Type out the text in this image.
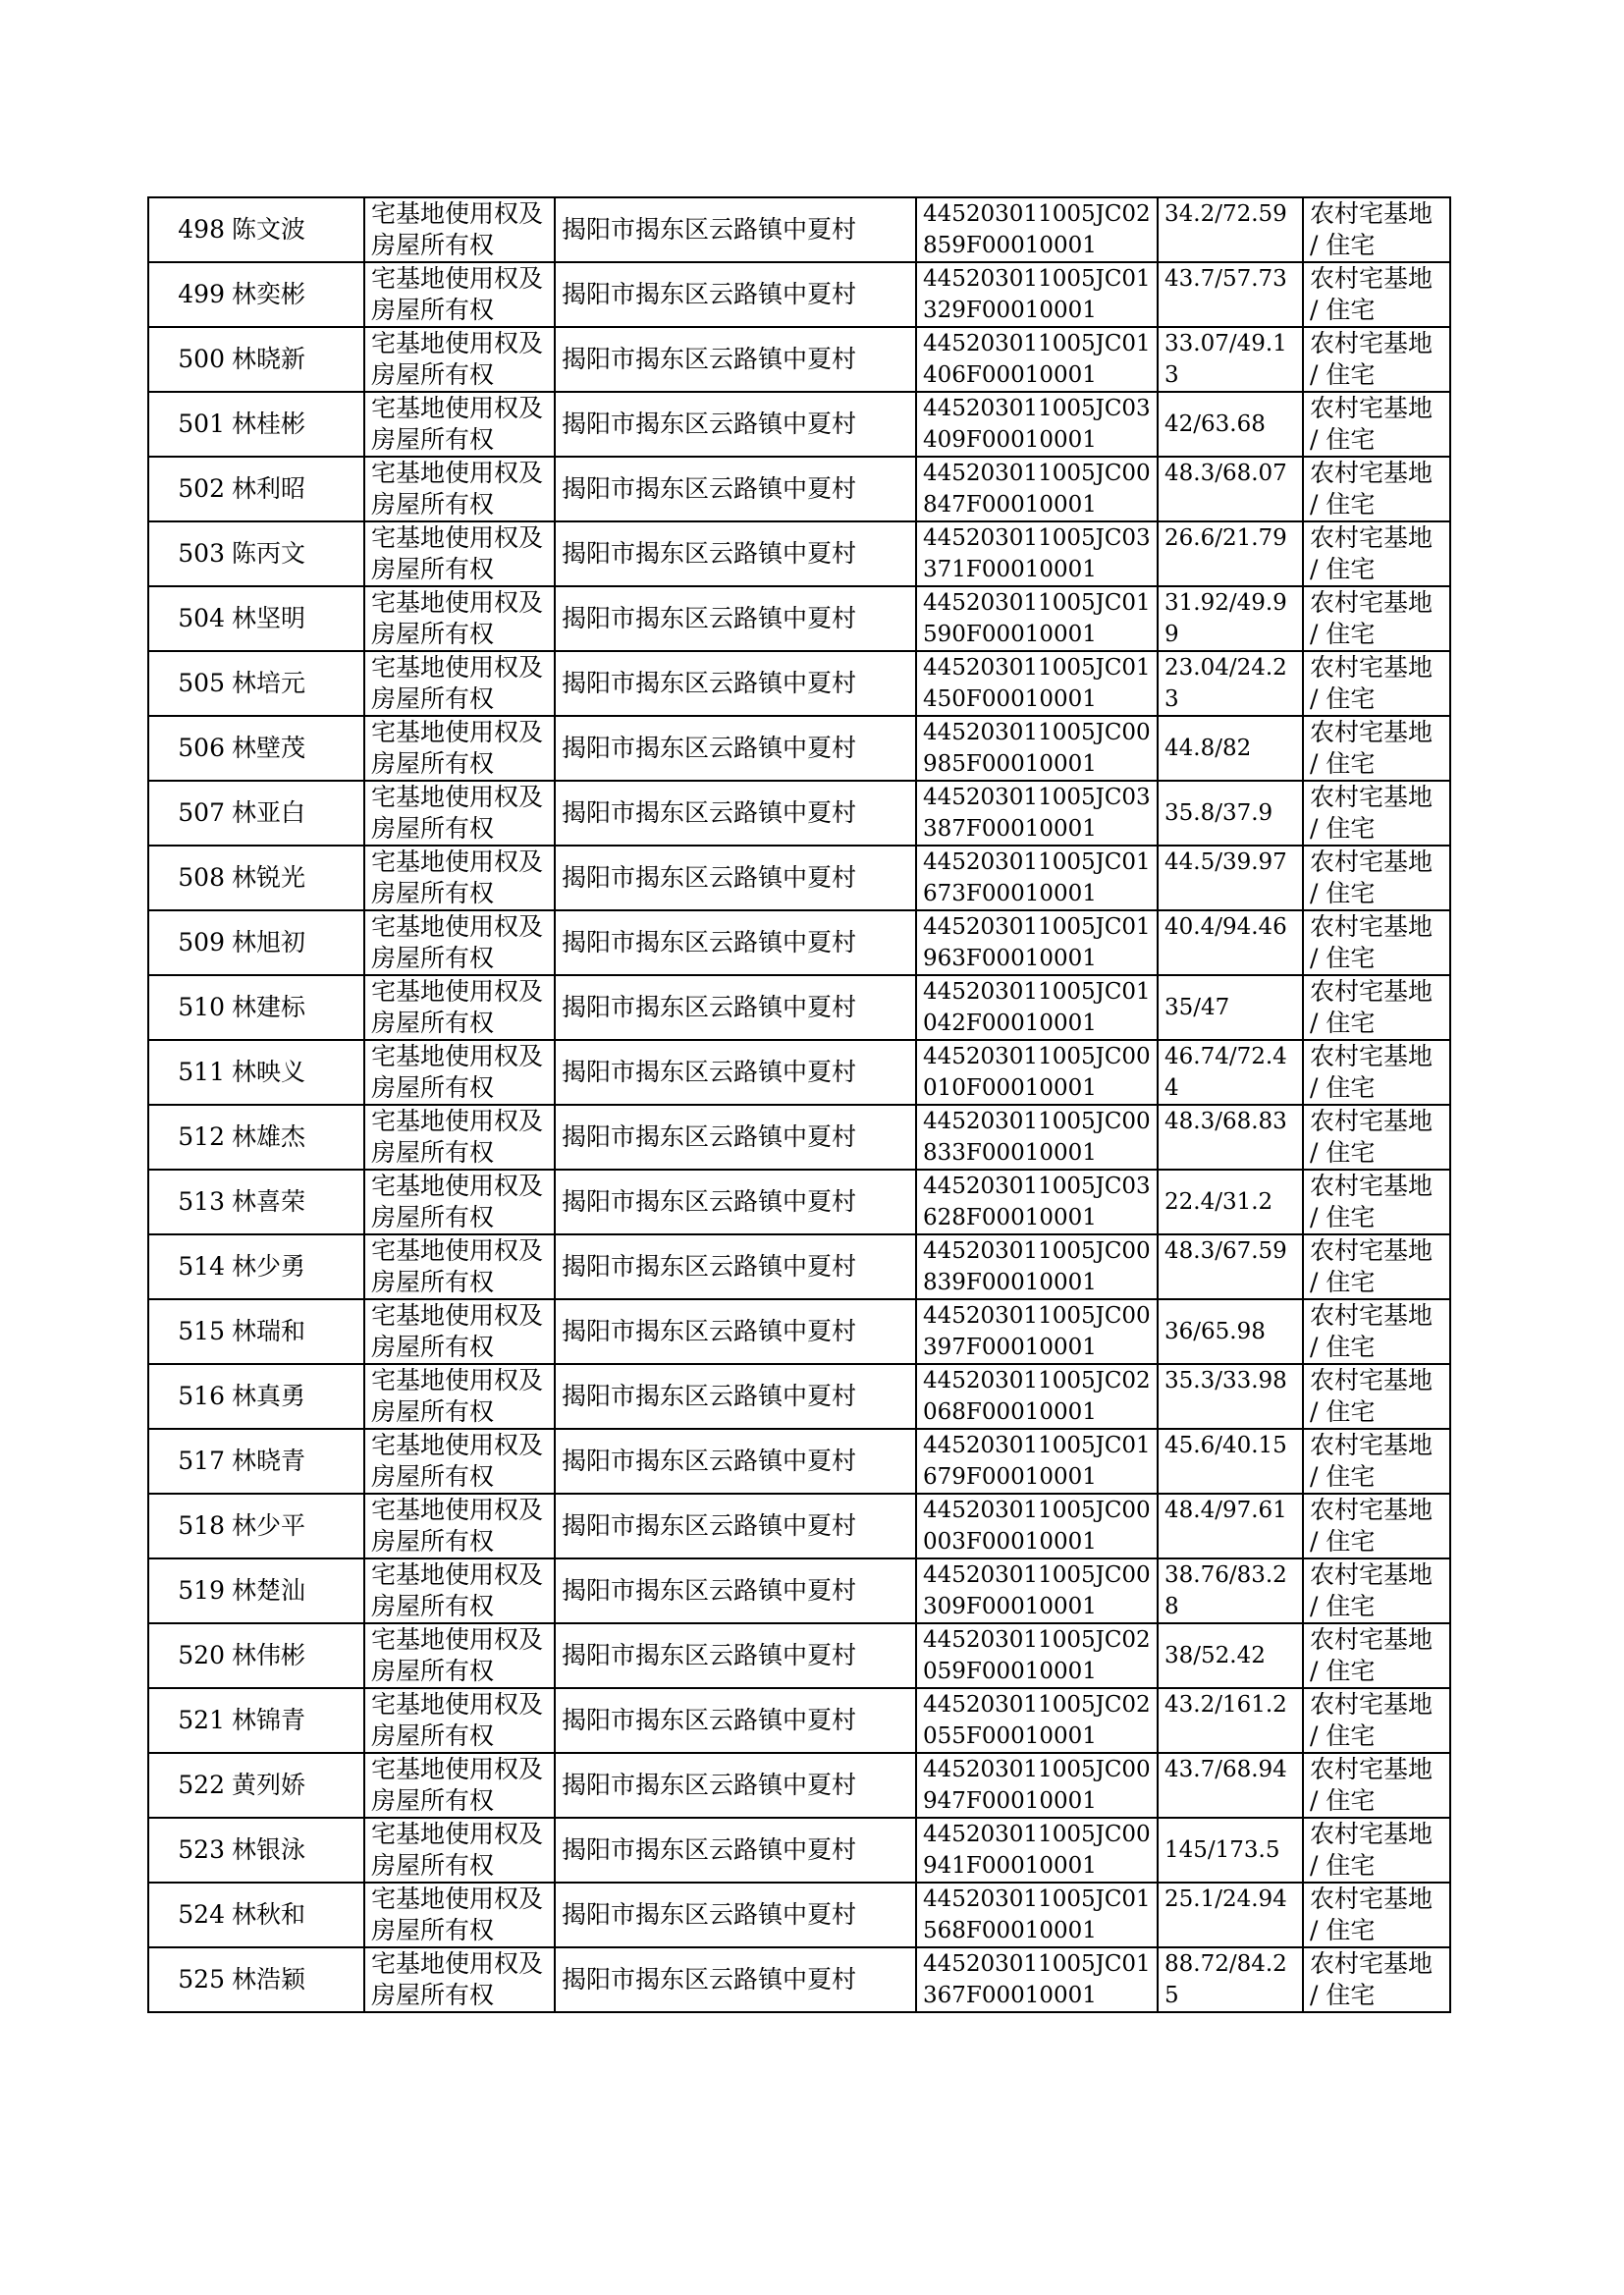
498	陈文波	宅基地使用权及房屋所有权	揭阳市揭东区云路镇中夏村	445203011005JC02859F00010001	34.2/72.59	农村宅基地 / 住宅
499	林奕彬	宅基地使用权及房屋所有权	揭阳市揭东区云路镇中夏村	445203011005JC01329F00010001	43.7/57.73	农村宅基地 / 住宅
500	林晓新	宅基地使用权及房屋所有权	揭阳市揭东区云路镇中夏村	445203011005JC01406F00010001	33.07/49.13	农村宅基地 / 住宅
501	林桂彬	宅基地使用权及房屋所有权	揭阳市揭东区云路镇中夏村	445203011005JC03409F00010001	42/63.68	农村宅基地 / 住宅
502	林利昭	宅基地使用权及房屋所有权	揭阳市揭东区云路镇中夏村	445203011005JC00847F00010001	48.3/68.07	农村宅基地 / 住宅
503	陈丙文	宅基地使用权及房屋所有权	揭阳市揭东区云路镇中夏村	445203011005JC03371F00010001	26.6/21.79	农村宅基地 / 住宅
504	林坚明	宅基地使用权及房屋所有权	揭阳市揭东区云路镇中夏村	445203011005JC01590F00010001	31.92/49.99	农村宅基地 / 住宅
505	林培元	宅基地使用权及房屋所有权	揭阳市揭东区云路镇中夏村	445203011005JC01450F00010001	23.04/24.23	农村宅基地 / 住宅
506	林壁茂	宅基地使用权及房屋所有权	揭阳市揭东区云路镇中夏村	445203011005JC00985F00010001	44.8/82	农村宅基地 / 住宅
507	林亚白	宅基地使用权及房屋所有权	揭阳市揭东区云路镇中夏村	445203011005JC03387F00010001	35.8/37.9	农村宅基地 / 住宅
508	林锐光	宅基地使用权及房屋所有权	揭阳市揭东区云路镇中夏村	445203011005JC01673F00010001	44.5/39.97	农村宅基地 / 住宅
509	林旭初	宅基地使用权及房屋所有权	揭阳市揭东区云路镇中夏村	445203011005JC01963F00010001	40.4/94.46	农村宅基地 / 住宅
510	林建标	宅基地使用权及房屋所有权	揭阳市揭东区云路镇中夏村	445203011005JC01042F00010001	35/47	农村宅基地 / 住宅
511	林映义	宅基地使用权及房屋所有权	揭阳市揭东区云路镇中夏村	445203011005JC00010F00010001	46.74/72.44	农村宅基地 / 住宅
512	林雄杰	宅基地使用权及房屋所有权	揭阳市揭东区云路镇中夏村	445203011005JC00833F00010001	48.3/68.83	农村宅基地 / 住宅
513	林喜荣	宅基地使用权及房屋所有权	揭阳市揭东区云路镇中夏村	445203011005JC03628F00010001	22.4/31.2	农村宅基地 / 住宅
514	林少勇	宅基地使用权及房屋所有权	揭阳市揭东区云路镇中夏村	445203011005JC00839F00010001	48.3/67.59	农村宅基地 / 住宅
515	林瑞和	宅基地使用权及房屋所有权	揭阳市揭东区云路镇中夏村	445203011005JC00397F00010001	36/65.98	农村宅基地 / 住宅
516	林真勇	宅基地使用权及房屋所有权	揭阳市揭东区云路镇中夏村	445203011005JC02068F00010001	35.3/33.98	农村宅基地 / 住宅
517	林晓青	宅基地使用权及房屋所有权	揭阳市揭东区云路镇中夏村	445203011005JC01679F00010001	45.6/40.15	农村宅基地 / 住宅
518	林少平	宅基地使用权及房屋所有权	揭阳市揭东区云路镇中夏村	445203011005JC00003F00010001	48.4/97.61	农村宅基地 / 住宅
519	林楚汕	宅基地使用权及房屋所有权	揭阳市揭东区云路镇中夏村	445203011005JC00309F00010001	38.76/83.28	农村宅基地 / 住宅
520	林伟彬	宅基地使用权及房屋所有权	揭阳市揭东区云路镇中夏村	445203011005JC02059F00010001	38/52.42	农村宅基地 / 住宅
521	林锦青	宅基地使用权及房屋所有权	揭阳市揭东区云路镇中夏村	445203011005JC02055F00010001	43.2/161.2	农村宅基地 / 住宅
522	黄列娇	宅基地使用权及房屋所有权	揭阳市揭东区云路镇中夏村	445203011005JC00947F00010001	43.7/68.94	农村宅基地 / 住宅
523	林银泳	宅基地使用权及房屋所有权	揭阳市揭东区云路镇中夏村	445203011005JC00941F00010001	145/173.5	农村宅基地 / 住宅
524	林秋和	宅基地使用权及房屋所有权	揭阳市揭东区云路镇中夏村	445203011005JC01568F00010001	25.1/24.94	农村宅基地 / 住宅
525	林浩颖	宅基地使用权及房屋所有权	揭阳市揭东区云路镇中夏村	445203011005JC01367F00010001	88.72/84.25	农村宅基地 / 住宅
